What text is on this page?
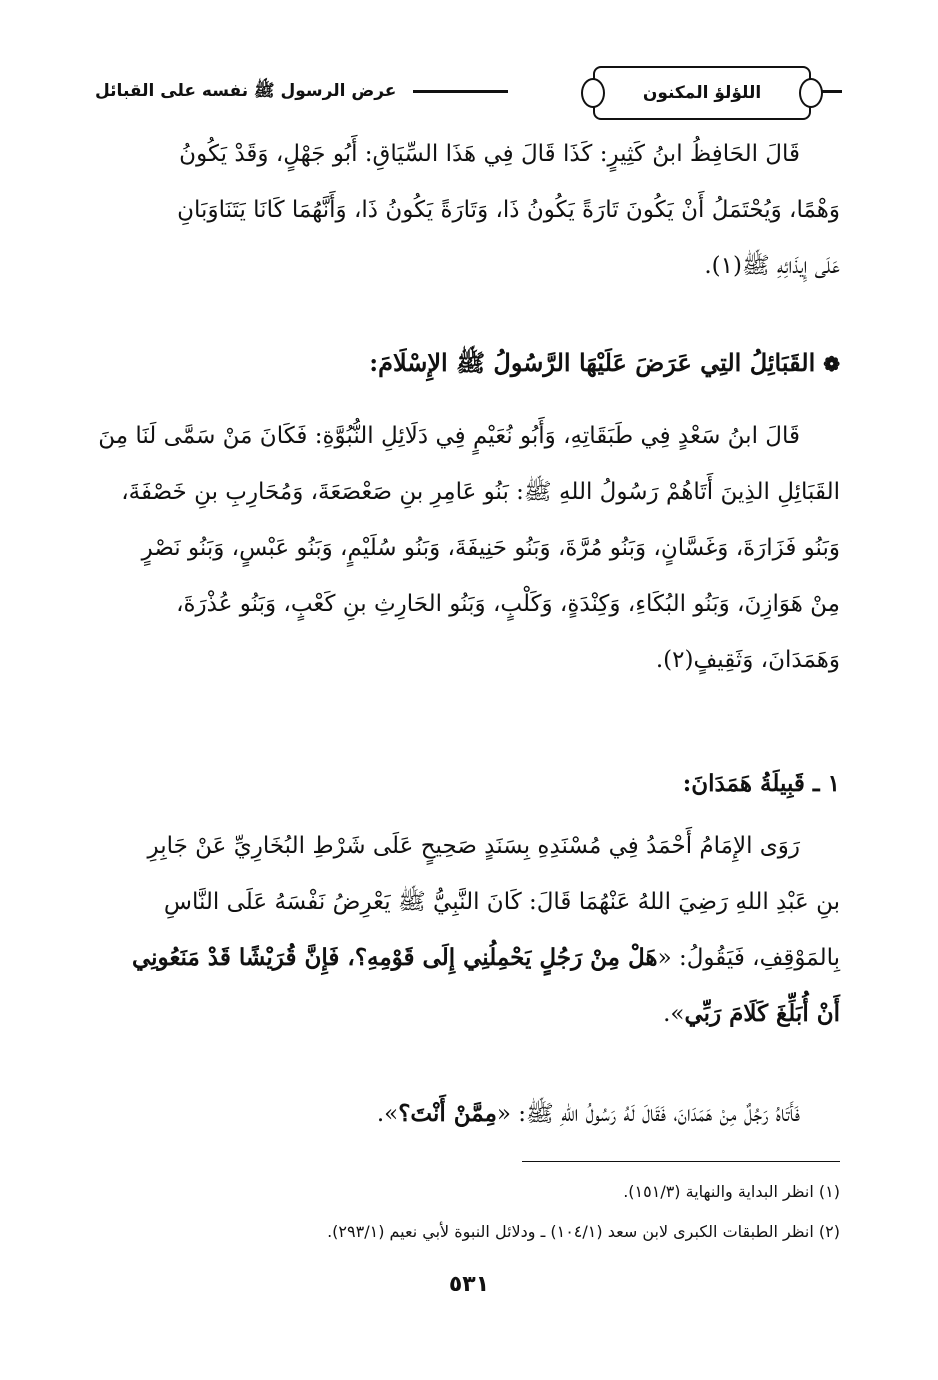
عرض الرسول ﷺ نفسه على القبائل	اللؤلؤ المكنون
قَالَ الحَافِظُ ابنُ كَثِيرٍ: كَذَا قَالَ فِي هَذَا السِّيَاقِ: أَبُو جَهْلٍ، وَقَدْ يَكُونُ
وَهْمًا، وَيُحْتَمَلُ أَنْ يَكُونَ تَارَةً يَكُونُ ذَا، وَتَارَةً يَكُونُ ذَا، وَأَنَّهُمَا كَانَا يَتَنَاوَبَانِ
عَلَى إِيذَائِهِ ﷺ(١).
❁القَبَائِلُ التِي عَرَضَ عَلَيْهَا الرَّسُولُ ﷺ الإِسْلَامَ:
قَالَ ابنُ سَعْدٍ فِي طَبَقَاتِهِ، وَأَبُو نُعَيْمٍ فِي دَلَائِلِ النُّبُوَّةِ: فَكَانَ مَنْ سَمَّى لَنَا مِنَ
القَبَائِلِ الذِينَ أَتَاهُمْ رَسُولُ اللهِ ﷺ: بَنُو عَامِرِ بنِ صَعْصَعَةَ، وَمُحَارِبِ بنِ خَصْفَةَ،
وَبَنُو فَزَارَةَ، وَغَسَّانٍ، وَبَنُو مُرَّةَ، وَبَنُو حَنِيفَةَ، وَبَنُو سُلَيْمٍ، وَبَنُو عَبْسٍ، وَبَنُو نَصْرٍ
مِنْ هَوَازِنَ، وَبَنُو البُكَاءِ، وَكِنْدَةٍ، وَكَلْبٍ، وَبَنُو الحَارِثِ بنِ كَعْبٍ، وَبَنُو عُذْرَةَ،
وَهَمَدَانَ، وَثَقِيفٍ(٢).
١ ـ قَبِيلَةُ هَمَدَانَ:
رَوَى الإِمَامُ أَحْمَدُ فِي مُسْنَدِهِ بِسَنَدٍ صَحِيحٍ عَلَى شَرْطِ البُخَارِيِّ عَنْ جَابِرِ
بنِ عَبْدِ اللهِ رَضِيَ اللهُ عَنْهُمَا قَالَ: كَانَ النَّبِيُّ ﷺ يَعْرِضُ نَفْسَهُ عَلَى النَّاسِ
بِالمَوْقِفِ، فَيَقُولُ: «هَلْ مِنْ رَجُلٍ يَحْمِلُنِي إِلَى قَوْمِهِ؟، فَإِنَّ قُرَيْشًا قَدْ مَنَعُونِي
أَنْ أُبَلِّغَ كَلَامَ رَبِّي».
فَأَتَاهُ رَجُلٌ مِنْ هَمَدَانَ، فَقَالَ لَهُ رَسُولُ اللهِ ﷺ: «مِمَّنْ أَنْتَ؟».
(١) انظر البداية والنهاية (١٥١/٣).
(٢) انظر الطبقات الكبرى لابن سعد (١٠٤/١) ـ ودلائل النبوة لأبي نعيم (٢٩٣/١).
٥٣١
